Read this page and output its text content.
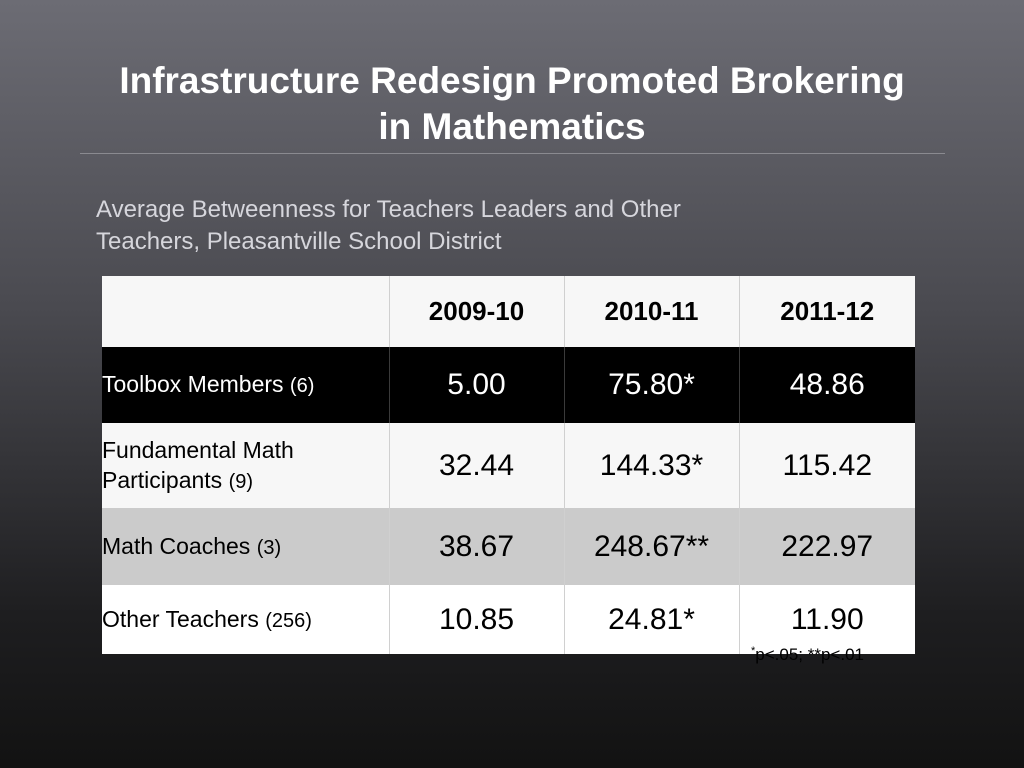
Infrastructure Redesign Promoted Brokering
in Mathematics
Average Betweenness for Teachers Leaders and Other
Teachers, Pleasantville School District
	2009-10	2010-11	2011-12
Toolbox Members (6)	5.00	75.80*	48.86
Fundamental Math
Participants (9)	32.44	144.33*	115.42
Math Coaches (3)	38.67	248.67**	222.97
Other Teachers (256)	10.85	24.81*	11.90
*p<.05; **p<.01
